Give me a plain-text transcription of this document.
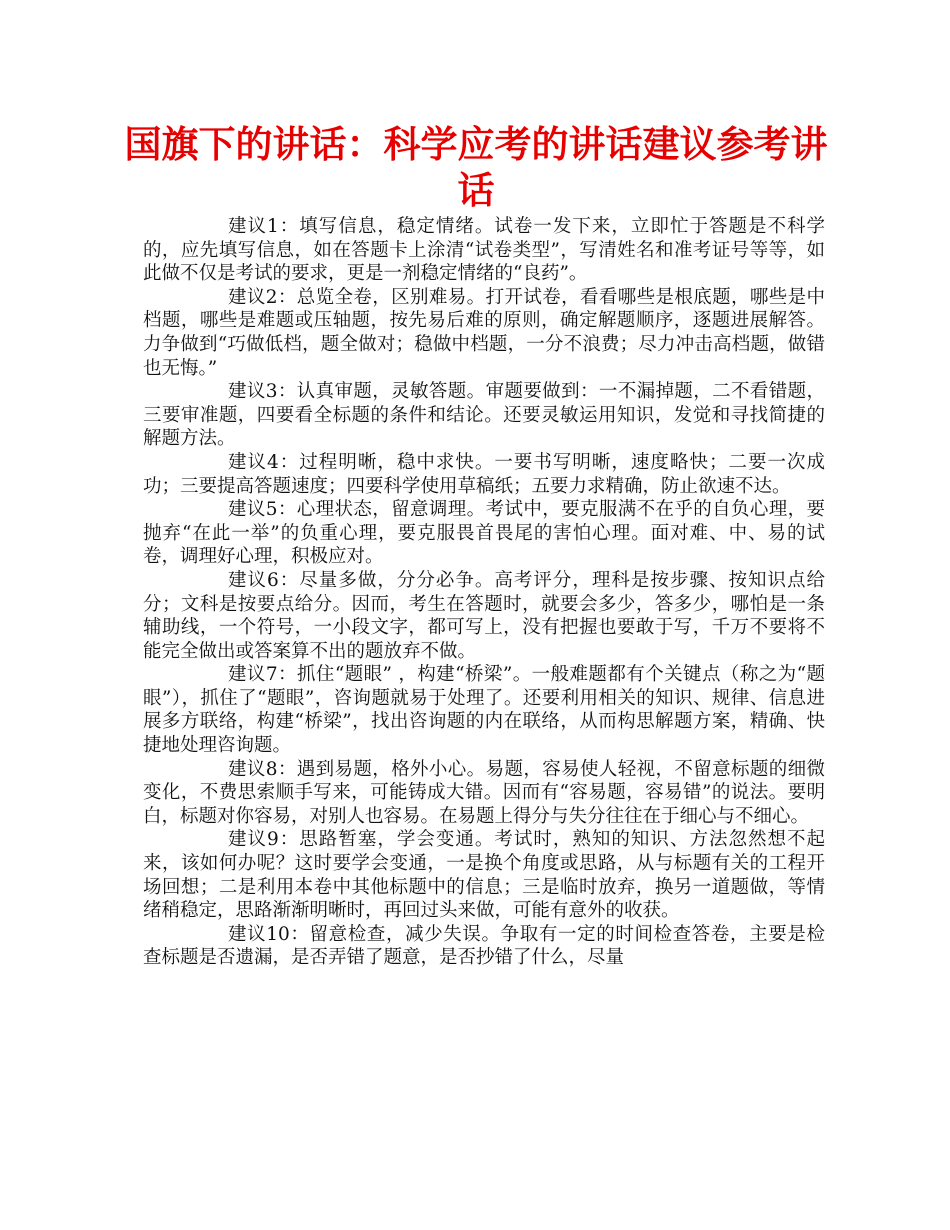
国旗下的讲话：科学应考的讲话建议参考讲话

建议1：填写信息，稳定情绪。试卷一发下来，立即忙于答题是不科学的，应先填写信息，如在答题卡上涂清“试卷类型”，写清姓名和准考证号等等，如此做不仅是考试的要求，更是一剂稳定情绪的“良药”。

建议2：总览全卷，区别难易。打开试卷，看看哪些是根底题，哪些是中档题，哪些是难题或压轴题，按先易后难的原则，确定解题顺序，逐题进展解答。力争做到“巧做低档，题全做对；稳做中档题，一分不浪费；尽力冲击高档题，做错也无悔。”

建议3：认真审题，灵敏答题。审题要做到：一不漏掉题，二不看错题，三要审准题，四要看全标题的条件和结论。还要灵敏运用知识，发觉和寻找简捷的解题方法。

建议4：过程明晰，稳中求快。一要书写明晰，速度略快；二要一次成功；三要提高答题速度；四要科学使用草稿纸；五要力求精确，防止欲速不达。

建议5：心理状态，留意调理。考试中，要克服满不在乎的自负心理，要抛弃“在此一举”的负重心理，要克服畏首畏尾的害怕心理。面对难、中、易的试卷，调理好心理，积极应对。

建议6：尽量多做，分分必争。高考评分，理科是按步骤、按知识点给分；文科是按要点给分。因而，考生在答题时，就要会多少，答多少，哪怕是一条辅助线，一个符号，一小段文字，都可写上，没有把握也要敢于写，千万不要将不能完全做出或答案算不出的题放弃不做。

建议7：抓住“题眼” ，构建“桥梁”。一般难题都有个关键点（称之为“题眼”），抓住了“题眼”，咨询题就易于处理了。还要利用相关的知识、规律、信息进展多方联络，构建“桥梁”，找出咨询题的内在联络，从而构思解题方案，精确、快捷地处理咨询题。

建议8：遇到易题，格外小心。易题，容易使人轻视，不留意标题的细微变化，不费思索顺手写来，可能铸成大错。因而有“容易题，容易错”的说法。要明白，标题对你容易，对别人也容易。在易题上得分与失分往往在于细心与不细心。

建议9：思路暂塞，学会变通。考试时，熟知的知识、方法忽然想不起来，该如何办呢？这时要学会变通，一是换个角度或思路，从与标题有关的工程开场回想；二是利用本卷中其他标题中的信息；三是临时放弃，换另一道题做，等情绪稍稳定，思路渐渐明晰时，再回过头来做，可能有意外的收获。

建议10：留意检查，减少失误。争取有一定的时间检查答卷，主要是检查标题是否遗漏，是否弄错了题意，是否抄错了什么，尽量
